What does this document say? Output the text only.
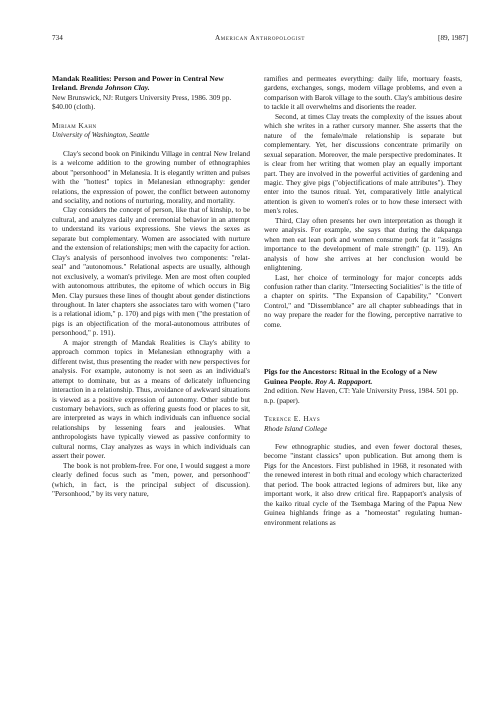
734	American Anthropologist	[89, 1987]
Mandak Realities: Person and Power in Central New Ireland. Brenda Johnson Clay.
New Brunswick, NJ: Rutgers University Press, 1986. 309 pp. $40.00 (cloth).
Miriam Kahn
University of Washington, Seattle

Clay's second book on Pinikindu Village in central New Ireland is a welcome addition to the growing number of ethnographies about "personhood" in Melanesia. It is elegantly written and pulses with the "hottest" topics in Melanesian ethnography: gender relations, the expression of power, the conflict between autonomy and sociality, and notions of nurturing, morality, and mortality.

Clay considers the concept of person, like that of kinship, to be cultural, and analyzes daily and ceremonial behavior in an attempt to understand its various expressions. She views the sexes as separate but complementary. Women are associated with nurture and the extension of relationships; men with the capacity for action. Clay's analysis of personhood involves two components: "relat-seal" and "autonomous." Relational aspects are usually, although not exclusively, a woman's privilege. Men are most often coupled with autonomous attributes, the epitome of which occurs in Big Men. Clay pursues these lines of thought about gender distinctions throughout. In later chapters she associates taro with women ("taro is a relational idiom," p. 170) and pigs with men ("the prestation of pigs is an objectification of the moral-autonomous attributes of personhood," p. 191).

A major strength of Mandak Realities is Clay's ability to approach common topics in Melanesian ethnography with a different twist, thus presenting the reader with new perspectives for analysis. For example, autonomy is not seen as an individual's attempt to dominate, but as a means of delicately influencing interaction in a relationship. Thus, avoidance of awkward situations is viewed as a positive expression of autonomy. Other subtle but customary behaviors, such as offering guests food or places to sit, are interpreted as ways in which individuals can influence social relationships by lessening fears and jealousies. What anthropologists have typically viewed as passive conformity to cultural norms, Clay analyzes as ways in which individuals can assert their power.

The book is not problem-free. For one, I would suggest a more clearly defined focus such as "men, power, and personhood" (which, in fact, is the principal subject of discussion). "Personhood," by its very nature,

ramifies and permeates everything: daily life, mortuary feasts, gardens, exchanges, songs, modern village problems, and even a comparison with Barok village to the south. Clay's ambitious desire to tackle it all overwhelms and disorients the reader.

Second, at times Clay treats the complexity of the issues about which she writes in a rather cursory manner. She asserts that the nature of the female/male relationship is separate but complementary. Yet, her discussions concentrate primarily on sexual separation. Moreover, the male perspective predominates. It is clear from her writing that women play an equally important part. They are involved in the powerful activities of gardening and magic. They give pigs ("objectifications of male attributes"). They enter into the tsunos ritual. Yet, comparatively little analytical attention is given to women's roles or to how these intersect with men's roles.

Third, Clay often presents her own interpretation as though it were analysis. For example, she says that during the dakpanga when men eat lean pork and women consume pork fat it "assigns importance to the development of male strength" (p. 119). An analysis of how she arrives at her conclusion would be enlightening.

Last, her choice of terminology for major concepts adds confusion rather than clarity. "Intersecting Socialities" is the title of a chapter on spirits. "The Expansion of Capability," "Convert Control," and "Dissemblance" are all chapter subheadings that in no way prepare the reader for the flowing, perceptive narrative to come.

Pigs for the Ancestors: Ritual in the Ecology of a New Guinea People. Roy A. Rappaport.
2nd edition. New Haven, CT: Yale University Press, 1984. 501 pp. n.p. (paper).
Terence E. Hays
Rhode Island College

Few ethnographic studies, and even fewer doctoral theses, become "instant classics" upon publication. But among them is Pigs for the Ancestors. First published in 1968, it resonated with the renewed interest in both ritual and ecology which characterized that period. The book attracted legions of admirers but, like any important work, it also drew critical fire. Rappaport's analysis of the kaiko ritual cycle of the Tsembaga Maring of the Papua New Guinea highlands fringe as a "homeostat" regulating human-environment relations as
